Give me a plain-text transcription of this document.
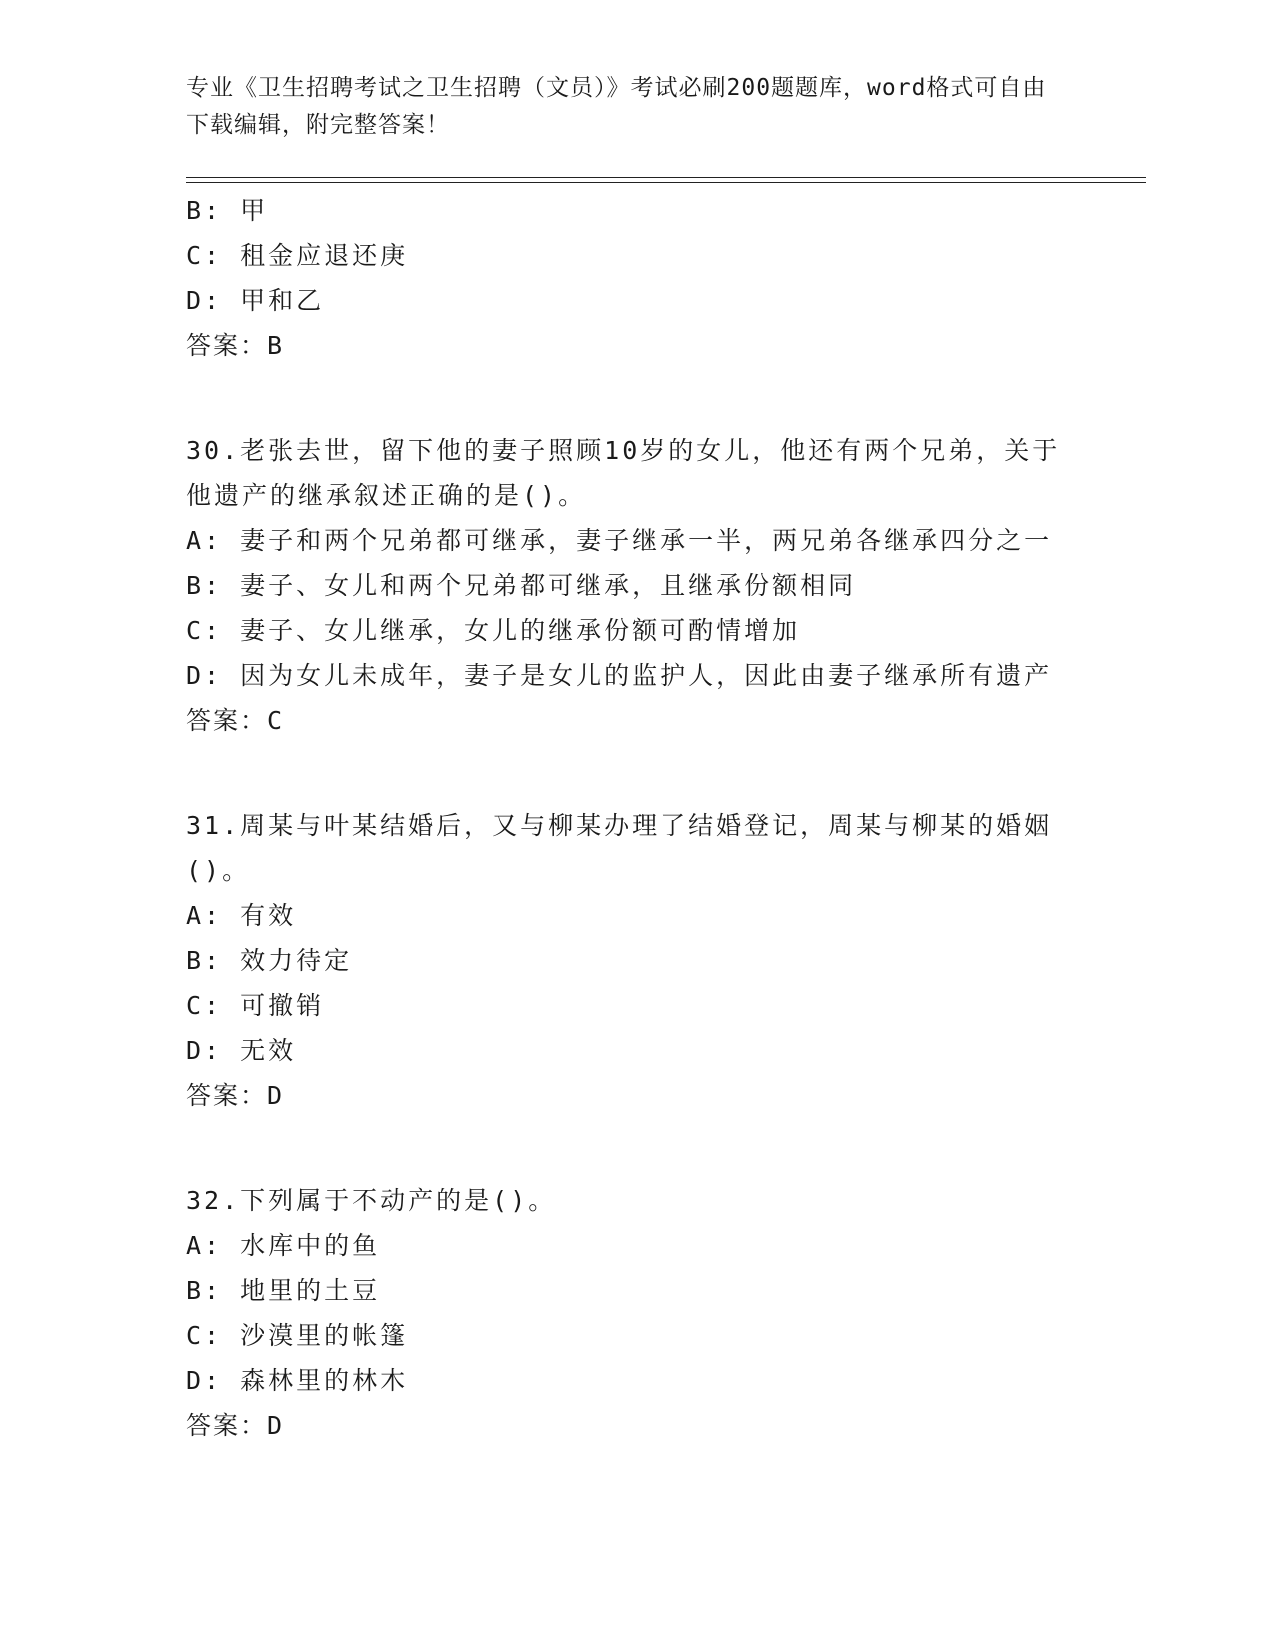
专业《卫生招聘考试之卫生招聘（文员）》考试必刷200题题库，word格式可自由下载编辑，附完整答案！

B: 甲

C: 租金应退还庚

D: 甲和乙

答案：B

30.老张去世，留下他的妻子照顾10岁的女儿，他还有两个兄弟，关于他遗产的继承叙述正确的是()。

A: 妻子和两个兄弟都可继承，妻子继承一半，两兄弟各继承四分之一

B: 妻子、女儿和两个兄弟都可继承，且继承份额相同

C: 妻子、女儿继承，女儿的继承份额可酌情增加

D: 因为女儿未成年，妻子是女儿的监护人，因此由妻子继承所有遗产

答案：C

31.周某与叶某结婚后，又与柳某办理了结婚登记，周某与柳某的婚姻()。

A: 有效

B: 效力待定

C: 可撤销

D: 无效

答案：D

32.下列属于不动产的是()。

A: 水库中的鱼

B: 地里的土豆

C: 沙漠里的帐篷

D: 森林里的林木

答案：D
